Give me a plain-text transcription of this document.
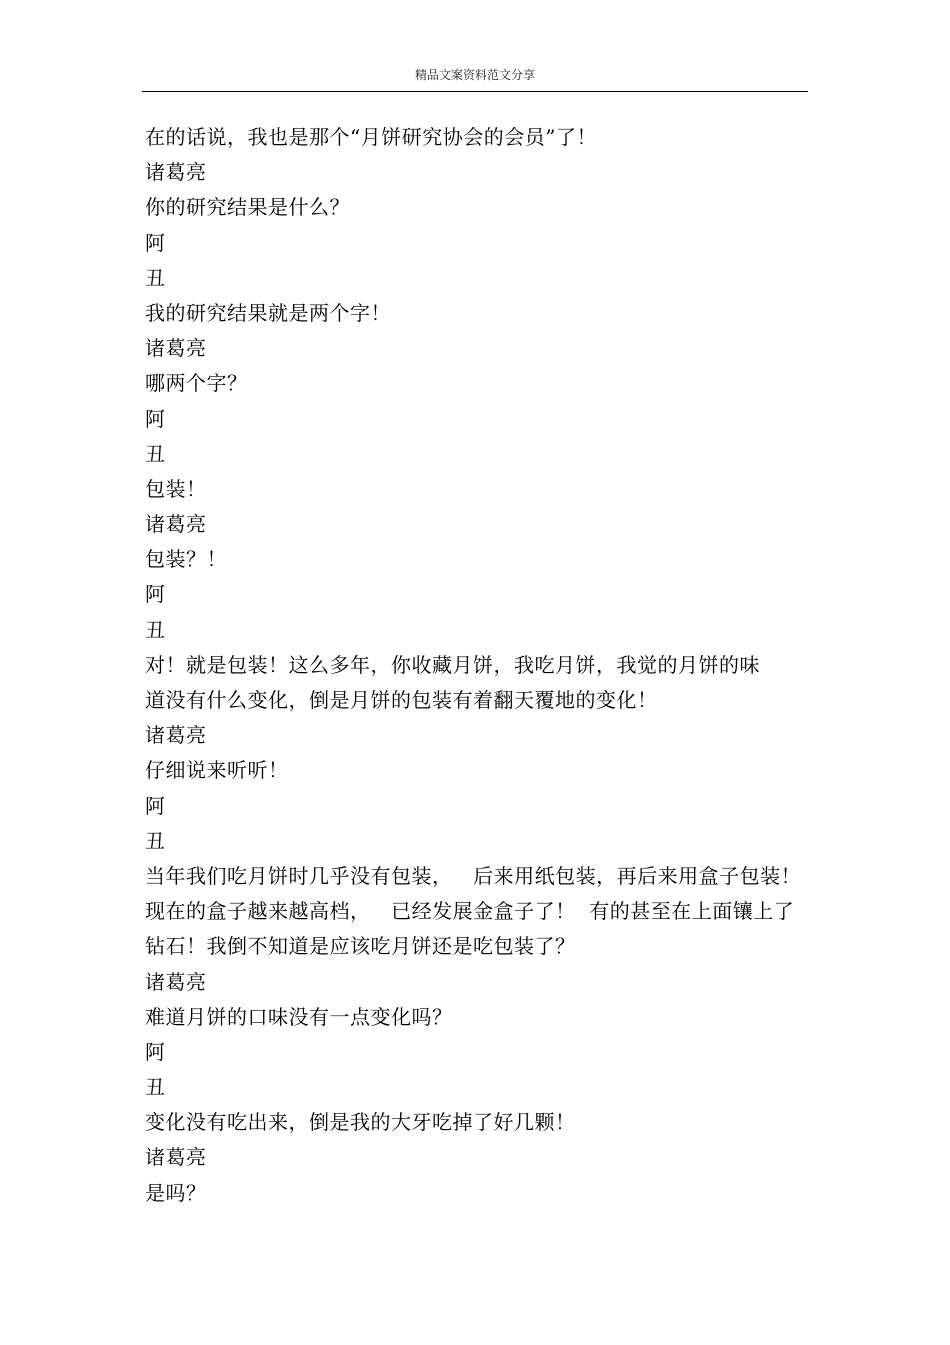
精品文案资料范文分享
在的话说，我也是那个“月饼研究协会的会员”了！
诸葛亮
你的研究结果是什么？
阿
丑
我的研究结果就是两个字！
诸葛亮
哪两个字？
阿
丑
包装！
诸葛亮
包装？！
阿
丑
对！就是包装！这么多年，你收藏月饼，我吃月饼，我觉的月饼的味
道没有什么变化，倒是月饼的包装有着翻天覆地的变化！
诸葛亮
仔细说来听听！
阿
丑
当年我们吃月饼时几乎没有包装，   后来用纸包装，再后来用盒子包装！
现在的盒子越来越高档，   已经发展金盒子了！  有的甚至在上面镶上了
钻石！我倒不知道是应该吃月饼还是吃包装了？
诸葛亮
难道月饼的口味没有一点变化吗？
阿
丑
变化没有吃出来，倒是我的大牙吃掉了好几颗！
诸葛亮
是吗？
